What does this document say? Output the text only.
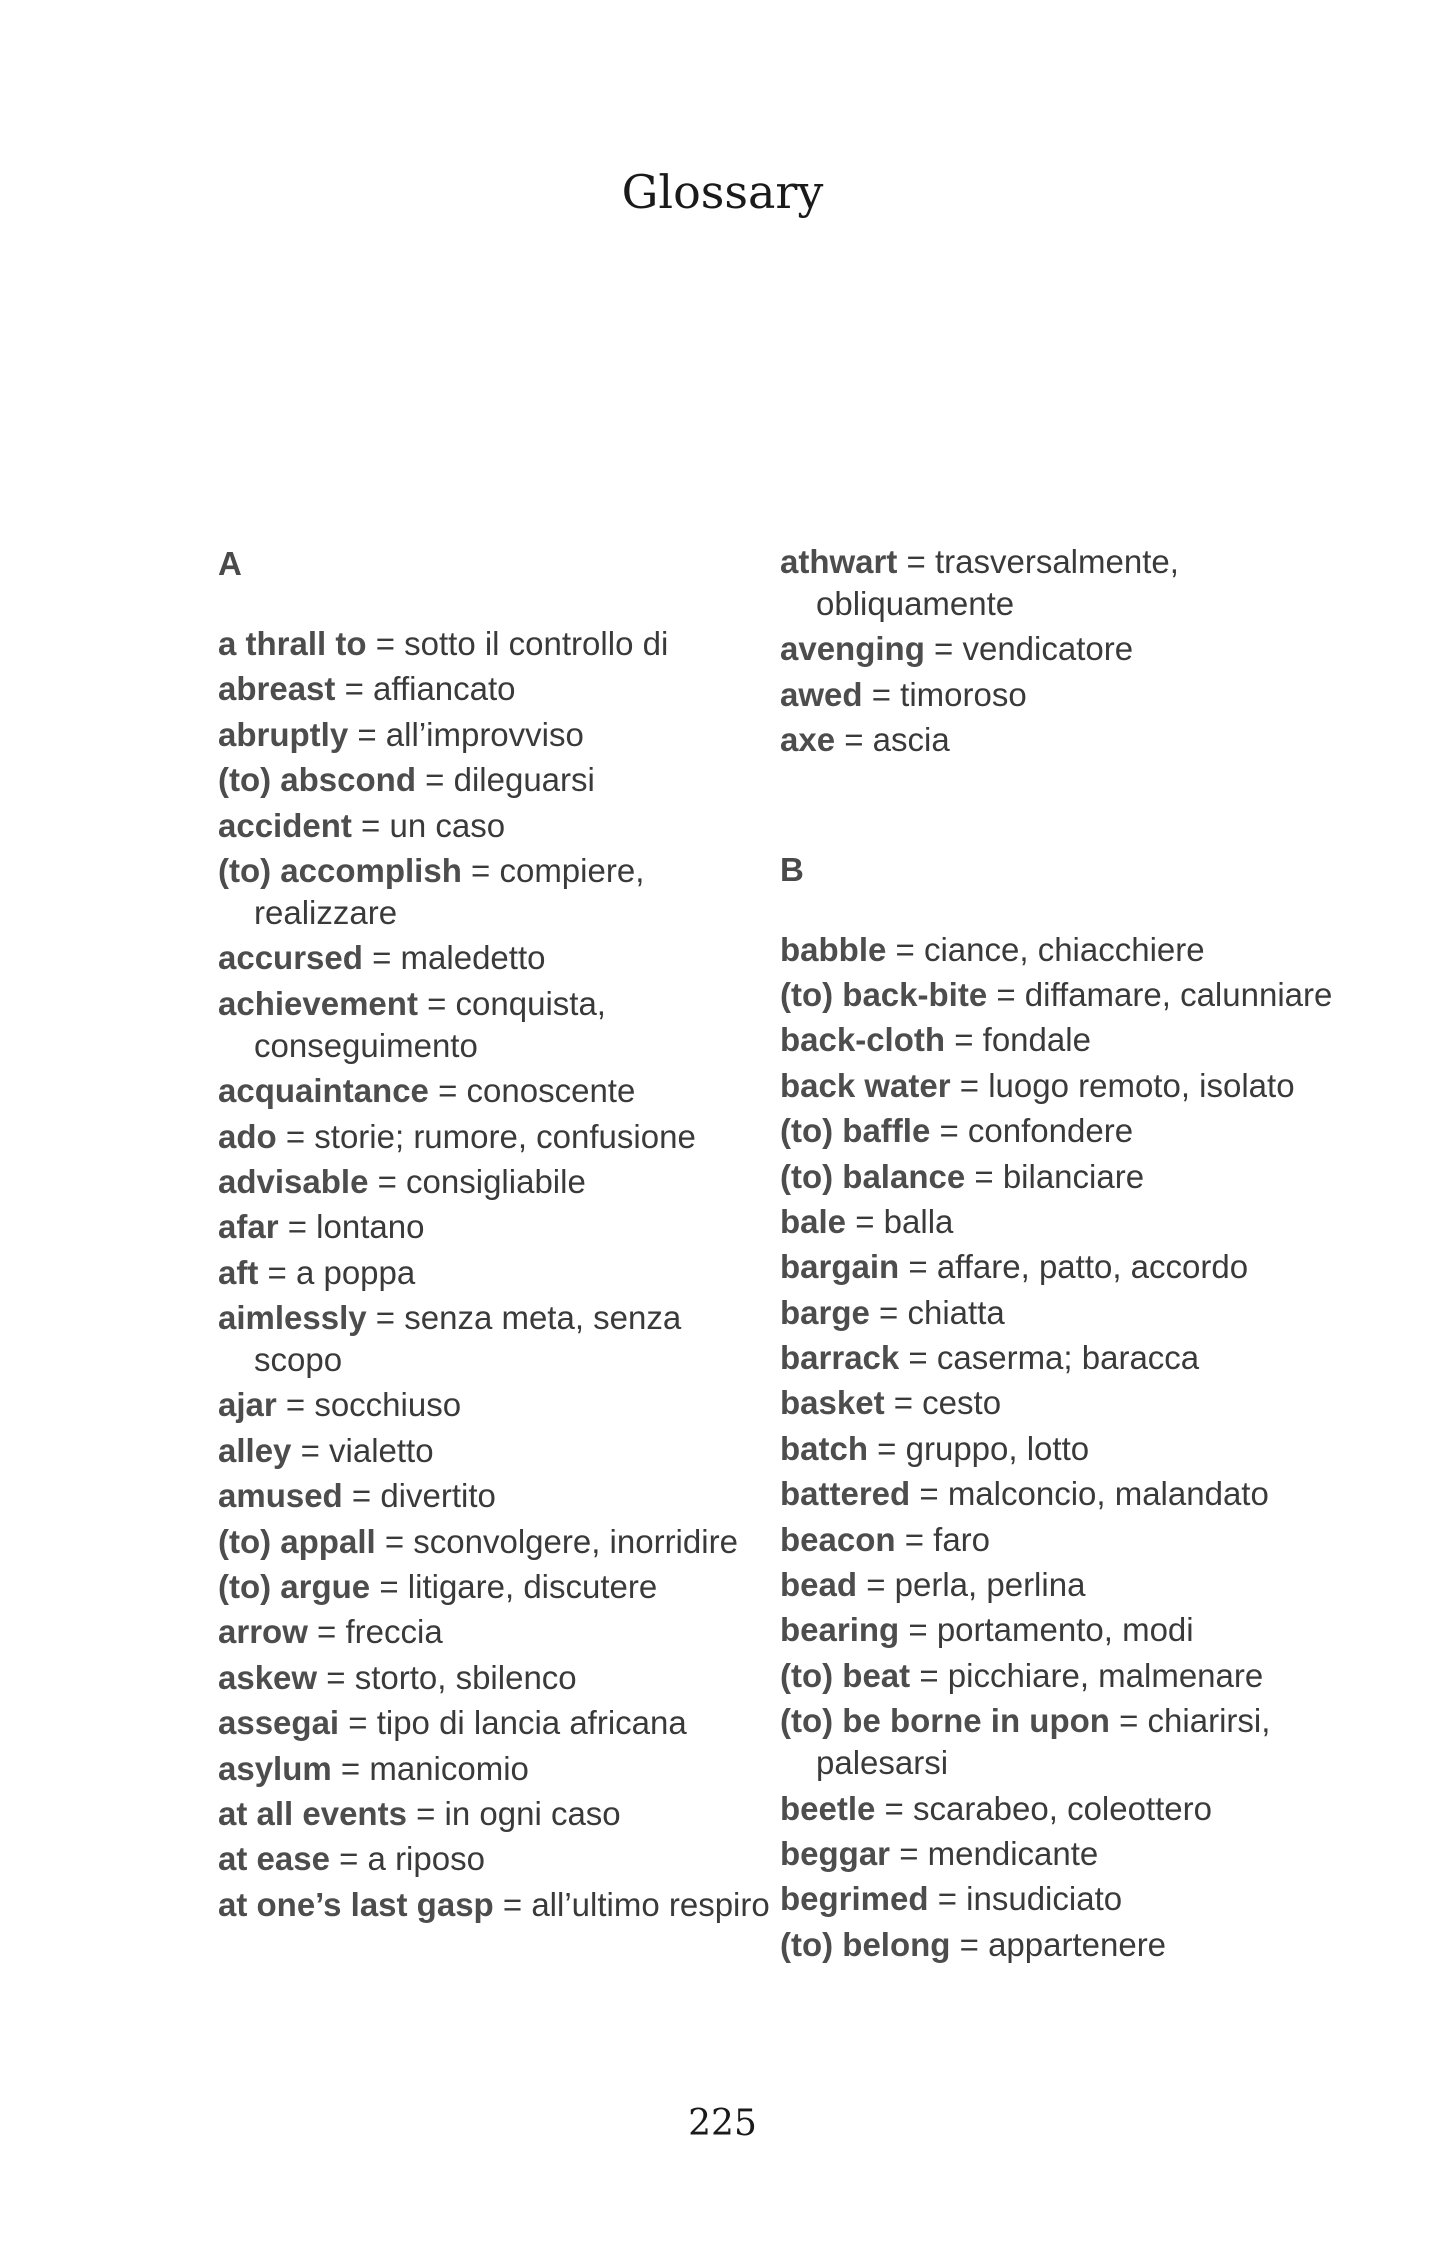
Glossary
A
a thrall to = sotto il controllo di
abreast = affiancato
abruptly = all’improvviso
(to) abscond = dileguarsi
accident = un caso
(to) accomplish = compiere, realizzare
accursed = maledetto
achievement = conquista, conseguimento
acquaintance = conoscente
ado = storie; rumore, confusione
advisable = consigliabile
afar = lontano
aft = a poppa
aimlessly = senza meta, senza scopo
ajar = socchiuso
alley = vialetto
amused = divertito
(to) appall = sconvolgere, inorridire
(to) argue = litigare, discutere
arrow = freccia
askew = storto, sbilenco
assegai = tipo di lancia africana
asylum = manicomio
at all events = in ogni caso
at ease = a riposo
at one’s last gasp = all’ultimo respiro
athwart = trasversalmente, obliquamente
avenging = vendicatore
awed = timoroso
axe = ascia
B
babble = ciance, chiacchiere
(to) back-bite = diffamare, calunniare
back-cloth = fondale
back water = luogo remoto, isolato
(to) baffle = confondere
(to) balance = bilanciare
bale = balla
bargain = affare, patto, accordo
barge = chiatta
barrack = caserma; baracca
basket = cesto
batch = gruppo, lotto
battered = malconcio, malandato
beacon = faro
bead = perla, perlina
bearing = portamento, modi
(to) beat = picchiare, malmenare
(to) be borne in upon = chiarirsi, palesarsi
beetle = scarabeo, coleottero
beggar = mendicante
begrimed = insudiciato
(to) belong = appartenere
225
